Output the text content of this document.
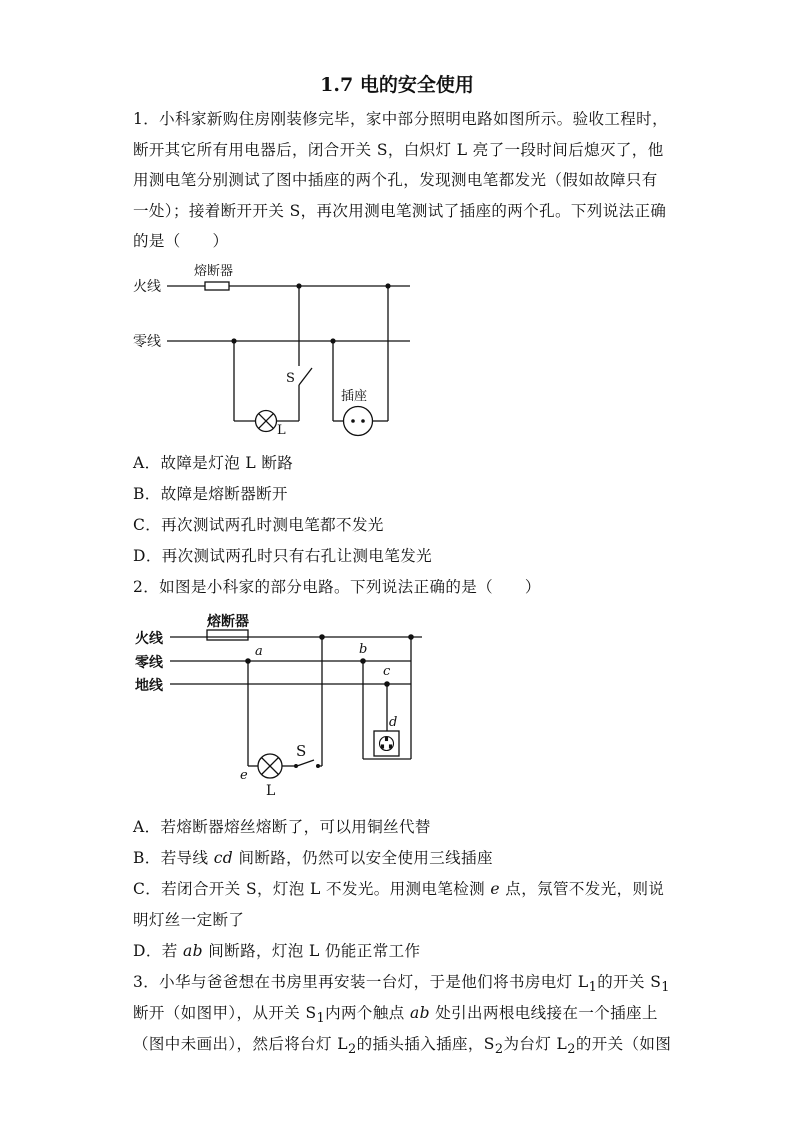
1.7 电的安全使用
1．小科家新购住房刚装修完毕，家中部分照明电路如图所示。验收工程时，
断开其它所有用电器后，闭合开关 S，白炽灯 L 亮了一段时间后熄灭了，他
用测电笔分别测试了图中插座的两个孔，发现测电笔都发光（假如故障只有
一处）；接着断开开关 S，再次用测电笔测试了插座的两个孔。下列说法正确
的是（　　）
火线
零线
熔断器
S
L
插座
A．故障是灯泡 L 断路
B．故障是熔断器断开
C．再次测试两孔时测电笔都不发光
D．再次测试两孔时只有右孔让测电笔发光
2．如图是小科家的部分电路。下列说法正确的是（　　）
熔断器
火线
零线
地线
a	b
c
d
e
S
L
A．若熔断器熔丝熔断了，可以用铜丝代替
B．若导线 cd 间断路，仍然可以安全使用三线插座
C．若闭合开关 S，灯泡 L 不发光。用测电笔检测 e 点，氖管不发光，则说
明灯丝一定断了
D．若 ab 间断路，灯泡 L 仍能正常工作
3．小华与爸爸想在书房里再安装一台灯，于是他们将书房电灯 $L_1$的开关 $S_1$
断开（如图甲），从开关 $S_1$内两个触点 ab 处引出两根电线接在一个插座上
（图中未画出），然后将台灯 $L_2$的插头插入插座，$S_2$为台灯 $L_2$的开关（如图
